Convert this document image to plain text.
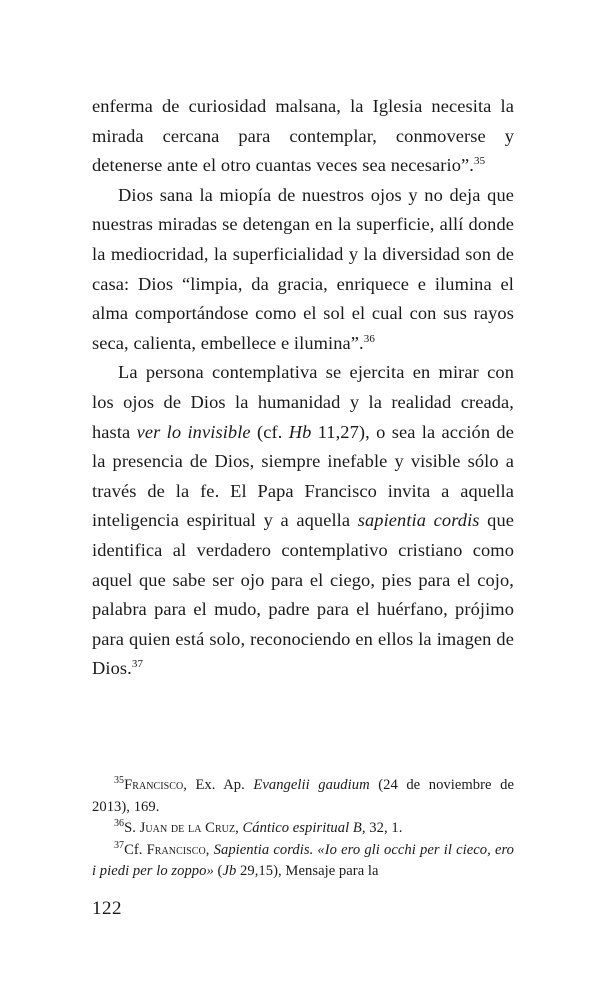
enferma de curiosidad malsana, la Iglesia necesita la mirada cercana para contemplar, conmoverse y detenerse ante el otro cuantas veces sea necesario”.$^{35}$

Dios sana la miopía de nuestros ojos y no deja que nuestras miradas se detengan en la superficie, allí donde la mediocridad, la superficialidad y la diversidad son de casa: Dios “limpia, da gracia, enriquece e ilumina el alma comportándose como el sol el cual con sus rayos seca, calienta, embellece e ilumina”.$^{36}$

La persona contemplativa se ejercita en mirar con los ojos de Dios la humanidad y la realidad creada, hasta ver lo invisible (cf. Hb 11,27), o sea la acción de la presencia de Dios, siempre inefable y visible sólo a través de la fe. El Papa Francisco invita a aquella inteligencia espiritual y a aquella sapientia cordis que identifica al verdadero contemplativo cristiano como aquel que sabe ser ojo para el ciego, pies para el cojo, palabra para el mudo, padre para el huérfano, prójimo para quien está solo, reconociendo en ellos la imagen de Dios.$^{37}$

$^{35}$Francisco, Ex. Ap. Evangelii gaudium (24 de noviembre de 2013), 169.

$^{36}$S. Juan de la Cruz, Cántico espiritual B, 32, 1.

$^{37}$Cf. Francisco, Sapientia cordis. «Io ero gli occhi per il cieco, ero i piedi per lo zoppo» (Jb 29,15), Mensaje para la

122
